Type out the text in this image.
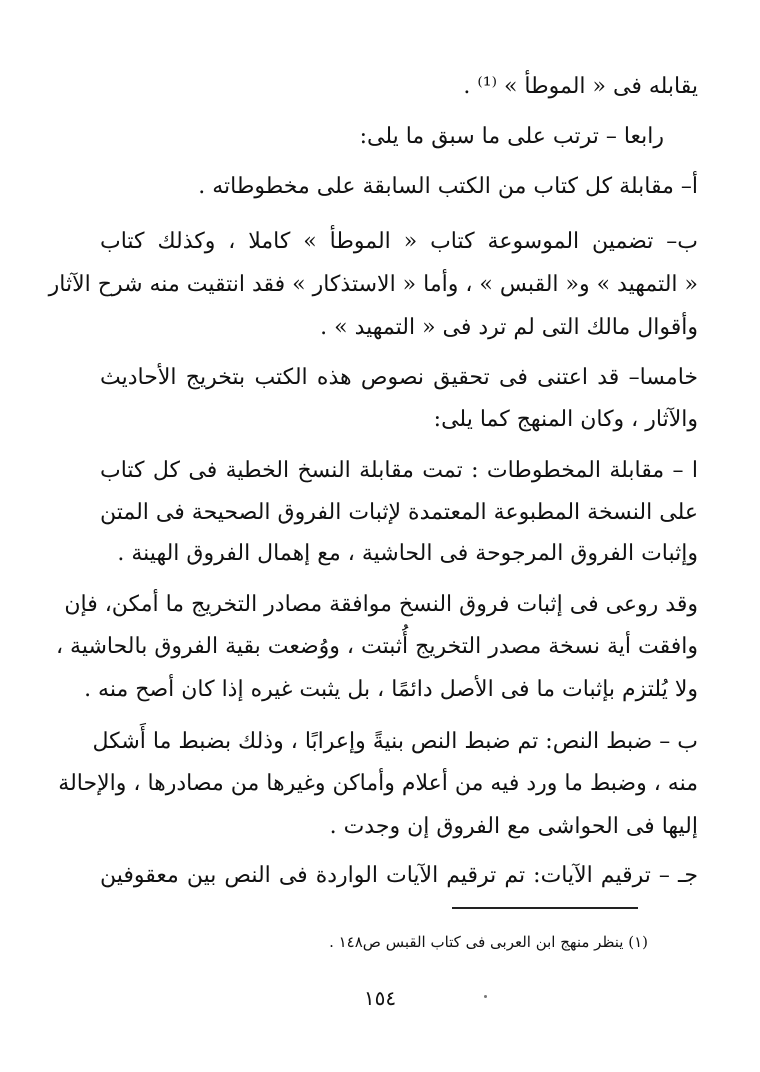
يقابله فى « الموطأ » ⁽¹⁾ .
رابعا – ترتب على ما سبق ما يلى:
أ– مقابلة كل كتاب من الكتب السابقة على مخطوطاته .
ب– تضمين الموسوعة كتاب « الموطأ » كاملا ، وكذلك كتاب
« التمهيد » و« القبس » ، وأما « الاستذكار » فقد انتقيت منه شرح الآثار
وأقوال مالك التى لم ترد فى « التمهيد » .
خامسا– قد اعتنى فى تحقيق نصوص هذه الكتب بتخريج الأحاديث
والآثار ، وكان المنهج كما يلى:
ا – مقابلة المخطوطات : تمت مقابلة النسخ الخطية فى كل كتاب
على النسخة المطبوعة المعتمدة لإثبات الفروق الصحيحة فى المتن
وإثبات الفروق المرجوحة فى الحاشية ، مع إهمال الفروق الهينة .
وقد روعى فى إثبات فروق النسخ موافقة مصادر التخريج ما أمكن، فإن
وافقت أية نسخة مصدر التخريج أُثبتت ، ووُضعت بقية الفروق بالحاشية ،
ولا يُلتزم بإثبات ما فى الأصل دائمًا ، بل يثبت غيره إذا كان أصح منه .
ب – ضبط النص: تم ضبط النص بنيةً وإعرابًا ، وذلك بضبط ما أَشكل
منه ، وضبط ما ورد فيه من أعلام وأماكن وغيرها من مصادرها ، والإحالة
إليها فى الحواشى مع الفروق إن وجدت .
جـ – ترقيم الآيات: تم ترقيم الآيات الواردة فى النص بين معقوفين
(١) ينظر منهج ابن العربى فى كتاب القبس ص١٤٨ .
١٥٤
